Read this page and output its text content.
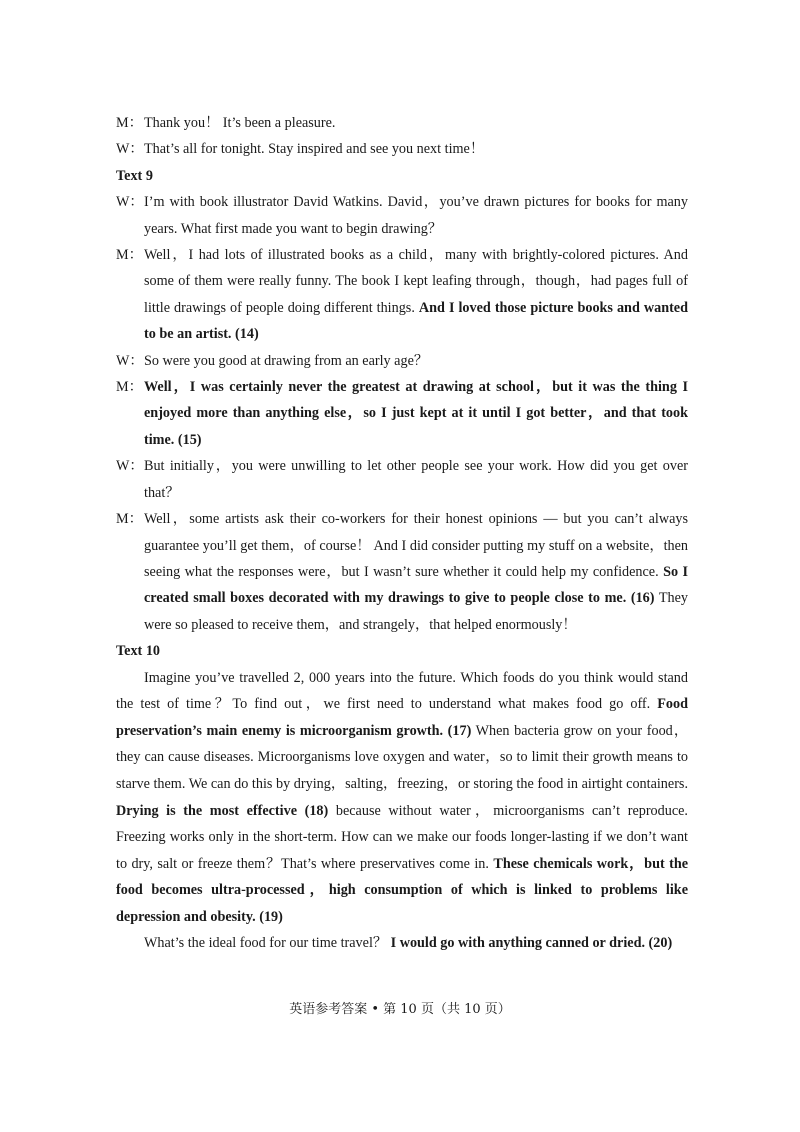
M： Thank you！ It’s been a pleasure.

W： That’s all for tonight. Stay inspired and see you next time！

Text 9

W： I’m with book illustrator David Watkins. David，you’ve drawn pictures for books for many years. What first made you want to begin drawing？

M： Well，I had lots of illustrated books as a child，many with brightly-colored pictures. And some of them were really funny. The book I kept leafing through，though，had pages full of little drawings of people doing different things. And I loved those picture books and wanted to be an artist. (14)

W： So were you good at drawing from an early age？

M： Well，I was certainly never the greatest at drawing at school，but it was the thing I enjoyed more than anything else，so I just kept at it until I got better，and that took time. (15)

W： But initially，you were unwilling to let other people see your work. How did you get over that？

M： Well，some artists ask their co-workers for their honest opinions — but you can’t always guarantee you’ll get them，of course！ And I did consider putting my stuff on a website，then seeing what the responses were，but I wasn’t sure whether it could help my confidence. So I created small boxes decorated with my drawings to give to people close to me. (16) They were so pleased to receive them，and strangely，that helped enormously！

Text 10

Imagine you’ve travelled 2, 000 years into the future. Which foods do you think would stand the test of time？To find out，we first need to understand what makes food go off. Food preservation’s main enemy is microorganism growth. (17) When bacteria grow on your food，they can cause diseases. Microorganisms love oxygen and water，so to limit their growth means to starve them. We can do this by drying，salting，freezing，or storing the food in airtight containers. Drying is the most effective (18) because without water，microorganisms can’t reproduce. Freezing works only in the short-term. How can we make our foods longer-lasting if we don’t want to dry, salt or freeze them？That’s where preservatives come in. These chemicals work，but the food becomes ultra-processed，high consumption of which is linked to problems like depression and obesity. (19)

What’s the ideal food for our time travel？ I would go with anything canned or dried. (20)

英语参考答案 • 第 10 页（共 10 页）
